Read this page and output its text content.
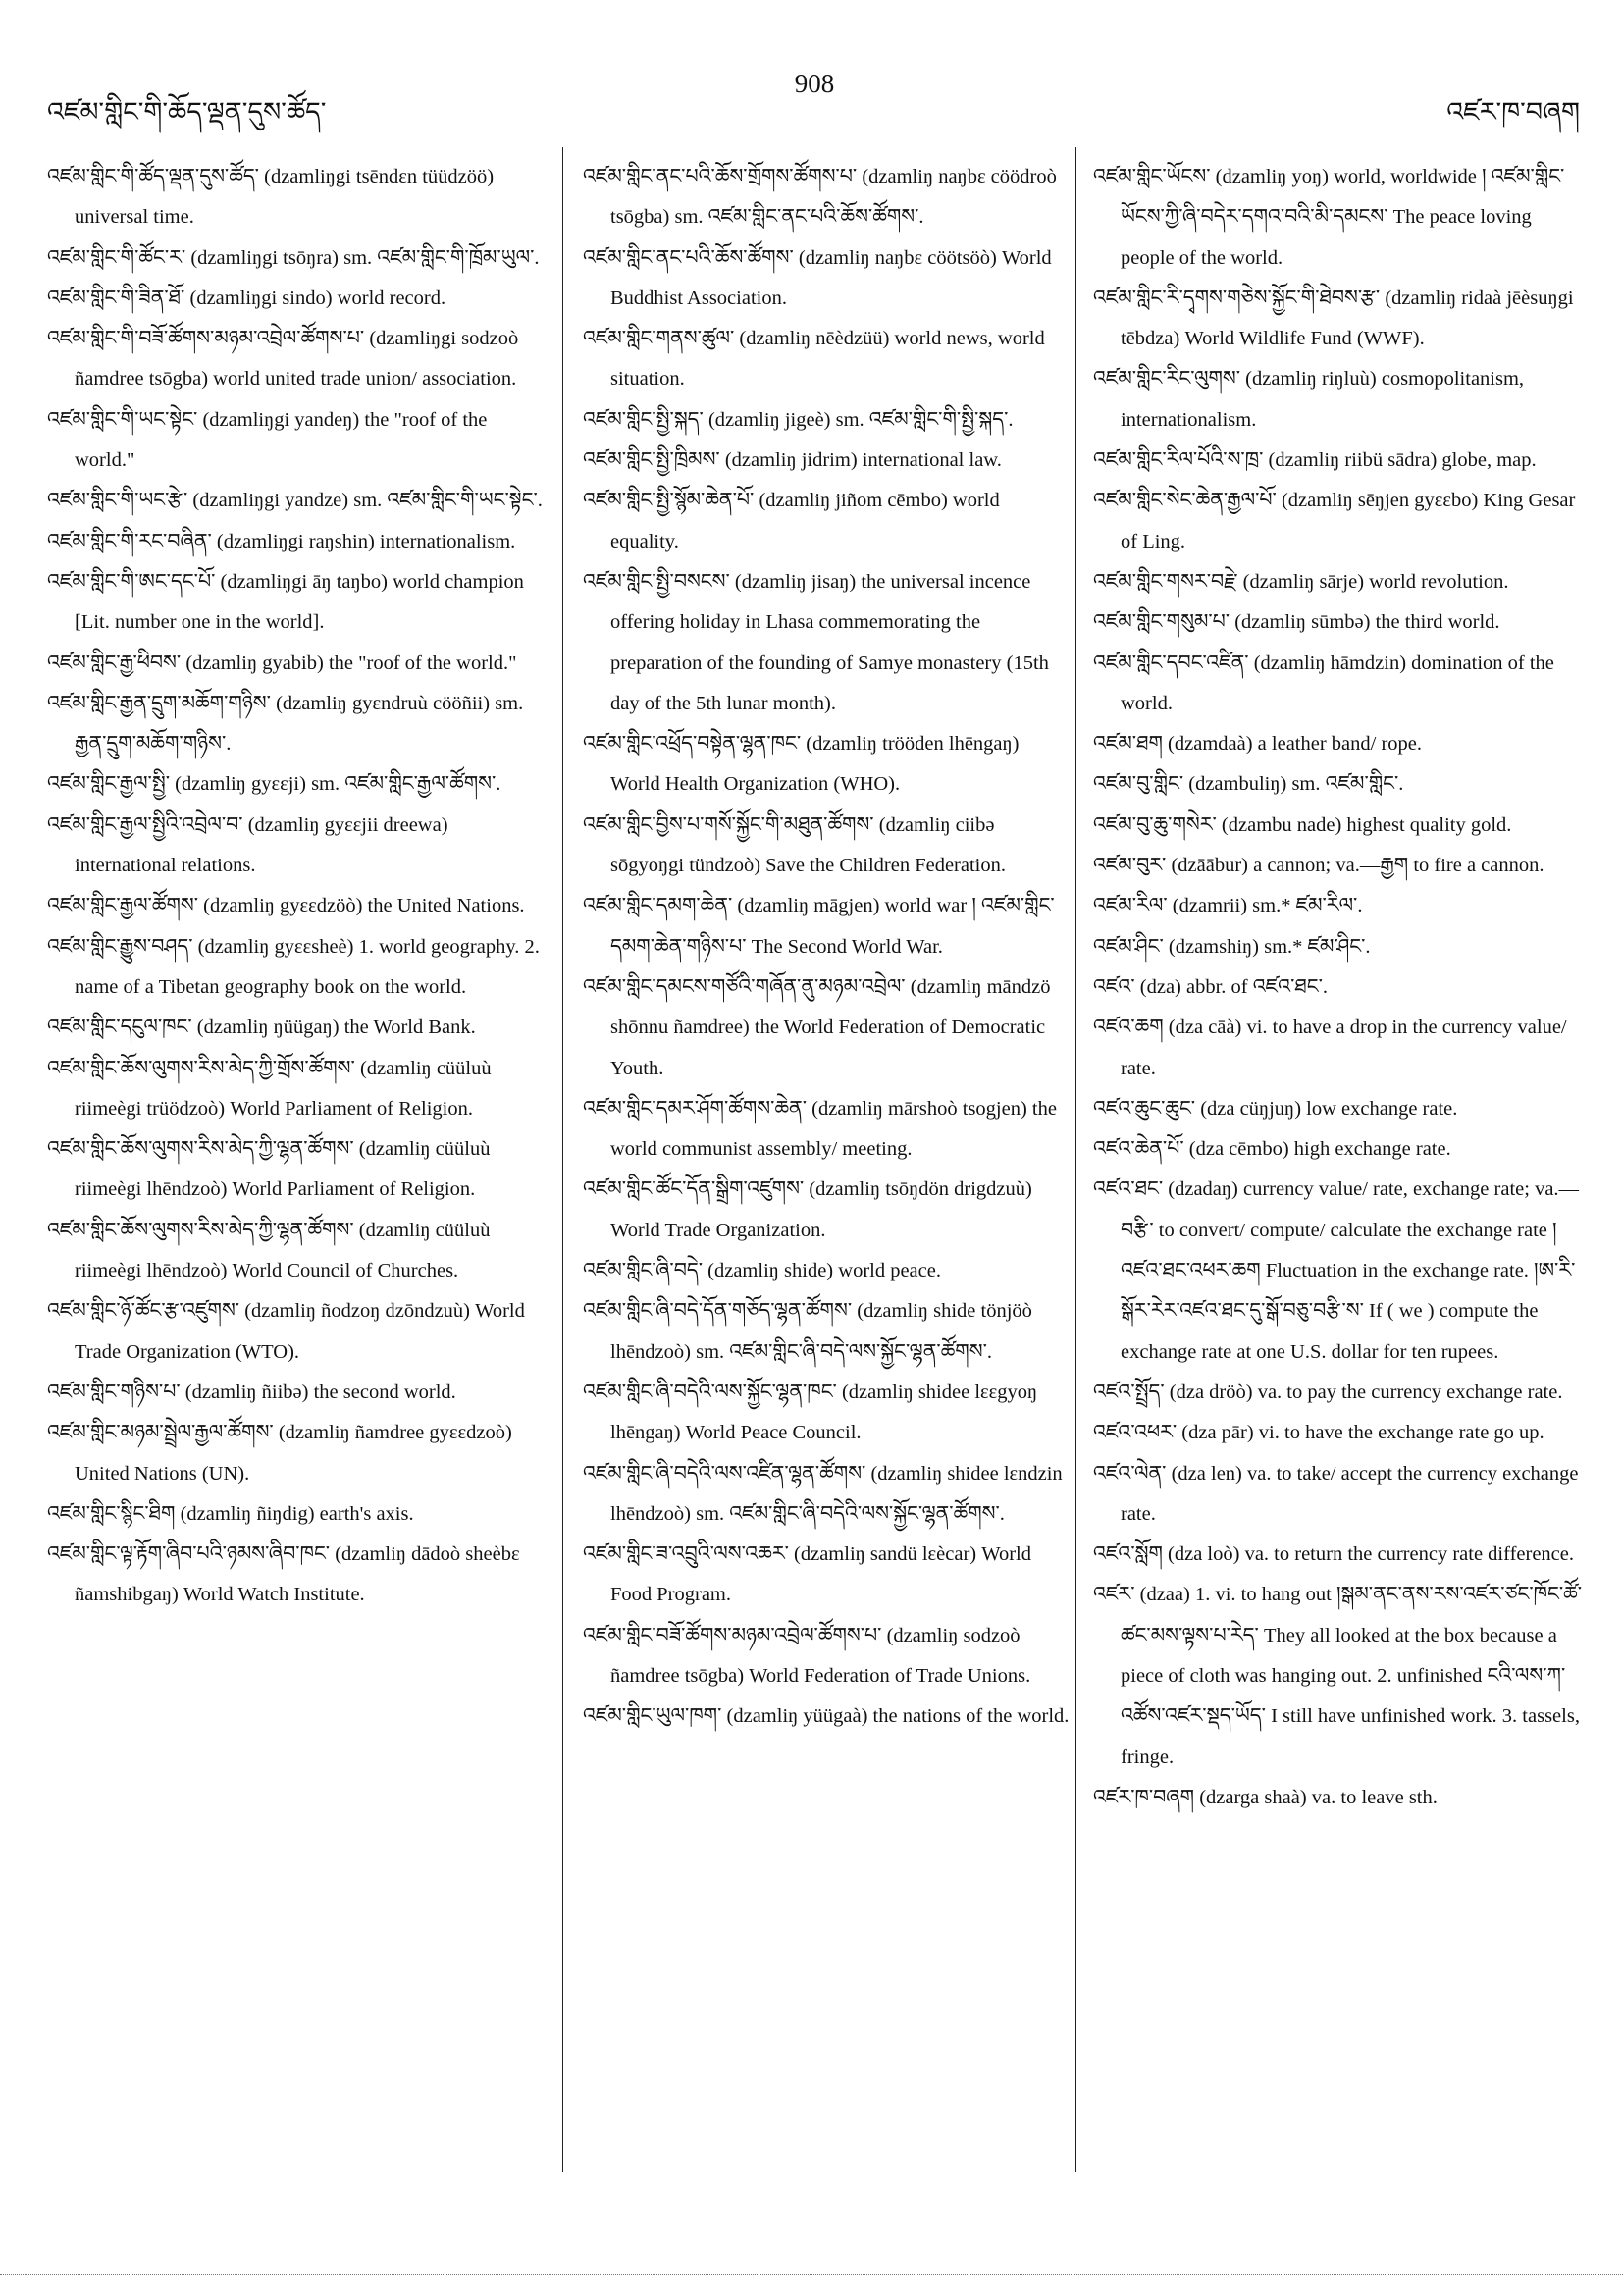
འཛམ་གླིང་གི་ཆོད་ལྡན་དུས་ཚོད་
908
འཛར་ཁ་བཞག

འཛམ་གླིང་གི་ཚོད་ལྡན་དུས་ཚོད་ (dzamliŋgi tsēndɛn tüüdzöö) universal time.

འཛམ་གླིང་གི་ཚོང་ར་ (dzamliŋgi tsōŋra) sm. འཛམ་གླིང་གི་ཁྲོམ་ཡུལ་.

འཛམ་གླིང་གི་ཟིན་ཐོ་ (dzamliŋgi sindo) world record.

འཛམ་གླིང་གི་བཟོ་ཚོགས་མཉམ་འབྲེལ་ཚོགས་པ་ (dzamliŋgi sodzoò ñamdree tsōgba) world united trade union/ association.

འཛམ་གླིང་གི་ཡང་སྟེང་ (dzamliŋgi yandeŋ) the "roof of the world."

འཛམ་གླིང་གི་ཡང་རྩེ་ (dzamliŋgi yandze) sm. འཛམ་གླིང་གི་ཡང་སྟེང་.

འཛམ་གླིང་གི་རང་བཞིན་ (dzamliŋgi raŋshin) internationalism.

འཛམ་གླིང་གི་ཨང་དང་པོ་ (dzamliŋgi āŋ taŋbo) world champion [Lit. number one in the world].

འཛམ་གླིང་རྒྱ་ཕིབས་ (dzamliŋ gyabib) the "roof of the world."

འཛམ་གླིང་རྒྱན་དྲུག་མཆོག་གཉིས་ (dzamliŋ gyɛndruù cööñii) sm. རྒྱན་དྲུག་མཆོག་གཉིས་.

འཛམ་གླིང་རྒྱལ་སྤྱི་ (dzamliŋ gyɛɛji) sm. འཛམ་གླིང་རྒྱལ་ཚོགས་.

འཛམ་གླིང་རྒྱལ་སྤྱིའི་འབྲེལ་བ་ (dzamliŋ gyɛɛjii dreewa) international relations.

འཛམ་གླིང་རྒྱལ་ཚོགས་ (dzamliŋ gyɛɛdzöò) the United Nations.

འཛམ་གླིང་རྒྱུས་བཤད་ (dzamliŋ gyɛɛsheè) 1. world geography. 2. name of a Tibetan geography book on the world.

འཛམ་གླིང་དངུལ་ཁང་ (dzamliŋ ŋüügaŋ) the World Bank.

འཛམ་གླིང་ཆོས་ལུགས་རིས་མེད་ཀྱི་གྲོས་ཚོགས་ (dzamliŋ cüüluù riimeègi trüödzoò) World Parliament of Religion.

འཛམ་གླིང་ཆོས་ལུགས་རིས་མེད་ཀྱི་ལྷན་ཚོགས་ (dzamliŋ cüüluù riimeègi lhēndzoò) World Parliament of Religion.

འཛམ་གླིང་ཆོས་ལུགས་རིས་མེད་ཀྱི་ལྷན་ཚོགས་ (dzamliŋ cüüluù riimeègi lhēndzoò) World Council of Churches.

འཛམ་གླིང་ཉོ་ཚོང་རྩ་འཛུགས་ (dzamliŋ ñodzoŋ dzōndzuù) World Trade Organization (WTO).

འཛམ་གླིང་གཉིས་པ་ (dzamliŋ ñiibə) the second world.

འཛམ་གླིང་མཉམ་སྦྲེལ་རྒྱལ་ཚོགས་ (dzamliŋ ñamdree gyɛɛdzoò) United Nations (UN).

འཛམ་གླིང་སྙིང་ཐིག (dzamliŋ ñiŋdig) earth's axis.

འཛམ་གླིང་ལྟ་རྟོག་ཞིབ་པའི་ཉམས་ཞིབ་ཁང་ (dzamliŋ dādoò sheèbɛ ñamshibgaŋ) World Watch Institute.

འཛམ་གླིང་ནང་པའི་ཆོས་གྲོགས་ཚོགས་པ་ (dzamliŋ naŋbɛ cöödroò tsōgba) sm. འཛམ་གླིང་ནང་པའི་ཆོས་ཚོགས་.

འཛམ་གླིང་ནང་པའི་ཆོས་ཚོགས་ (dzamliŋ naŋbɛ cöötsöò) World Buddhist Association.

འཛམ་གླིང་གནས་ཚུལ་ (dzamliŋ nēèdzüü) world news, world situation.

འཛམ་གླིང་སྤྱི་སྐད་ (dzamliŋ jigeè) sm. འཛམ་གླིང་གི་སྤྱི་སྐད་.

འཛམ་གླིང་སྤྱི་ཁྲིམས་ (dzamliŋ jidrim) international law.

འཛམ་གླིང་སྤྱི་སྙོམ་ཆེན་པོ་ (dzamliŋ jiñom cēmbo) world equality.

འཛམ་གླིང་སྤྱི་བསངས་ (dzamliŋ jisaŋ) the universal incence offering holiday in Lhasa commemorating the preparation of the founding of Samye monastery (15th day of the 5th lunar month).

འཛམ་གླིང་འཕྲོད་བསྟེན་ལྷན་ཁང་ (dzamliŋ trööden lhēngaŋ) World Health Organization (WHO).

འཛམ་གླིང་བྱིས་པ་གསོ་སྐྱོང་གི་མཐུན་ཚོགས་ (dzamliŋ ciibə sōgyoŋgi tündzoò) Save the Children Federation.

འཛམ་གླིང་དམག་ཆེན་ (dzamliŋ māgjen) world war ། འཛམ་གླིང་དམག་ཆེན་གཉིས་པ་ The Second World War.

འཛམ་གླིང་དམངས་གཙོའི་གཞོན་ནུ་མཉམ་འབྲེལ་ (dzamliŋ māndzö shōnnu ñamdree) the World Federation of Democratic Youth.

འཛམ་གླིང་དམར་ཤོག་ཚོགས་ཆེན་ (dzamliŋ mārshoò tsogjen) the world communist assembly/ meeting.

འཛམ་གླིང་ཚོང་དོན་སྒྲིག་འཛུགས་ (dzamliŋ tsōŋdön drigdzuù) World Trade Organization.

འཛམ་གླིང་ཞི་བདེ་ (dzamliŋ shide) world peace.

འཛམ་གླིང་ཞི་བདེ་དོན་གཅོད་ལྷན་ཚོགས་ (dzamliŋ shide tönjöò lhēndzoò) sm. འཛམ་གླིང་ཞི་བདེ་ལས་སྐྱོང་ལྷན་ཚོགས་.

འཛམ་གླིང་ཞི་བདེའི་ལས་སྐྱོང་ལྷན་ཁང་ (dzamliŋ shidee lɛɛgyoŋ lhēngaŋ) World Peace Council.

འཛམ་གླིང་ཞི་བདེའི་ལས་འཛིན་ལྷན་ཚོགས་ (dzamliŋ shidee lɛndzin lhēndzoò) sm. འཛམ་གླིང་ཞི་བདེའི་ལས་སྐྱོང་ལྷན་ཚོགས་.

འཛམ་གླིང་ཟ་འབྲུའི་ལས་འཆར་ (dzamliŋ sandü lɛècar) World Food Program.

འཛམ་གླིང་བཟོ་ཚོགས་མཉམ་འབྲེལ་ཚོགས་པ་ (dzamliŋ sodzoò ñamdree tsōgba) World Federation of Trade Unions.

འཛམ་གླིང་ཡུལ་ཁག་ (dzamliŋ yüügaà) the nations of the world.

འཛམ་གླིང་ཡོངས་ (dzamliŋ yoŋ) world, worldwide ། འཛམ་གླིང་ཡོངས་ཀྱི་ཞི་བདེར་དགའ་བའི་མི་དམངས་ The peace loving people of the world.

འཛམ་གླིང་རི་དྭགས་གཅེས་སྐྱོང་གི་ཐེབས་རྩ་ (dzamliŋ ridaà jēèsuŋgi tēbdza) World Wildlife Fund (WWF).

འཛམ་གླིང་རིང་ལུགས་ (dzamliŋ riŋluù) cosmopolitanism, internationalism.

འཛམ་གླིང་རིལ་པོའི་ས་ཁྲ་ (dzamliŋ riibü sādra) globe, map.

འཛམ་གླིང་སེང་ཆེན་རྒྱལ་པོ་ (dzamliŋ sēŋjen gyɛɛbo) King Gesar of Ling.

འཛམ་གླིང་གསར་བརྗེ་ (dzamliŋ sārje) world revolution.

འཛམ་གླིང་གསུམ་པ་ (dzamliŋ sūmbə) the third world.

འཛམ་གླིང་དབང་འཛིན་ (dzamliŋ hāmdzin) domination of the world.

འཛམ་ཐག (dzamdaà) a leather band/ rope.

འཛམ་བུ་གླིང་ (dzambuliŋ) sm. འཛམ་གླིང་.

འཛམ་བུ་ཆུ་གསེར་ (dzambu nade) highest quality gold.

འཛམ་བུར་ (dzāābur) a cannon; va.—རྒྱག to fire a cannon.

འཛམ་རིལ་ (dzamrii) sm.* ཛམ་རིལ་.

འཛམ་ཤིང་ (dzamshiŋ) sm.* ཛམ་ཤིང་.

འཛའ་ (dza) abbr. of འཛའ་ཐང་.

འཛའ་ཆག (dza cāà) vi. to have a drop in the currency value/ rate.

འཛའ་ཆུང་ཆུང་ (dza cüŋjuŋ) low exchange rate.

འཛའ་ཆེན་པོ་ (dza cēmbo) high exchange rate.

འཛའ་ཐང་ (dzadaŋ) currency value/ rate, exchange rate; va.— བརྩི་ to convert/ compute/ calculate the exchange rate །འཛའ་ཐང་འཕར་ཆག Fluctuation in the exchange rate. །ཨ་རི་སྒོར་རེར་འཛའ་ཐང་དུ་སྒོ་བཅུ་བརྩི་ས་ If ( we ) compute the exchange rate at one U.S. dollar for ten rupees.

འཛའ་སྤྲོད་ (dza dröò) va. to pay the currency exchange rate.

འཛའ་འཕར་ (dza pār) vi. to have the exchange rate go up.

འཛའ་ལེན་ (dza len) va. to take/ accept the currency exchange rate.

འཛའ་སློག (dza loò) va. to return the currency rate difference.

འཛར་ (dzaa) 1. vi. to hang out །སྒམ་ནང་ནས་རས་འཛར་ཙང་ཁོང་ཚོ་ཚང་མས་ལྟས་པ་རེད་ They all looked at the box because a piece of cloth was hanging out. 2. unfinished ངའི་ལས་ཀ་འཚོས་འཛར་སྡད་ཡོད་ I still have unfinished work. 3. tassels, fringe.

འཛར་ཁ་བཞག (dzarga shaà) va. to leave sth.
